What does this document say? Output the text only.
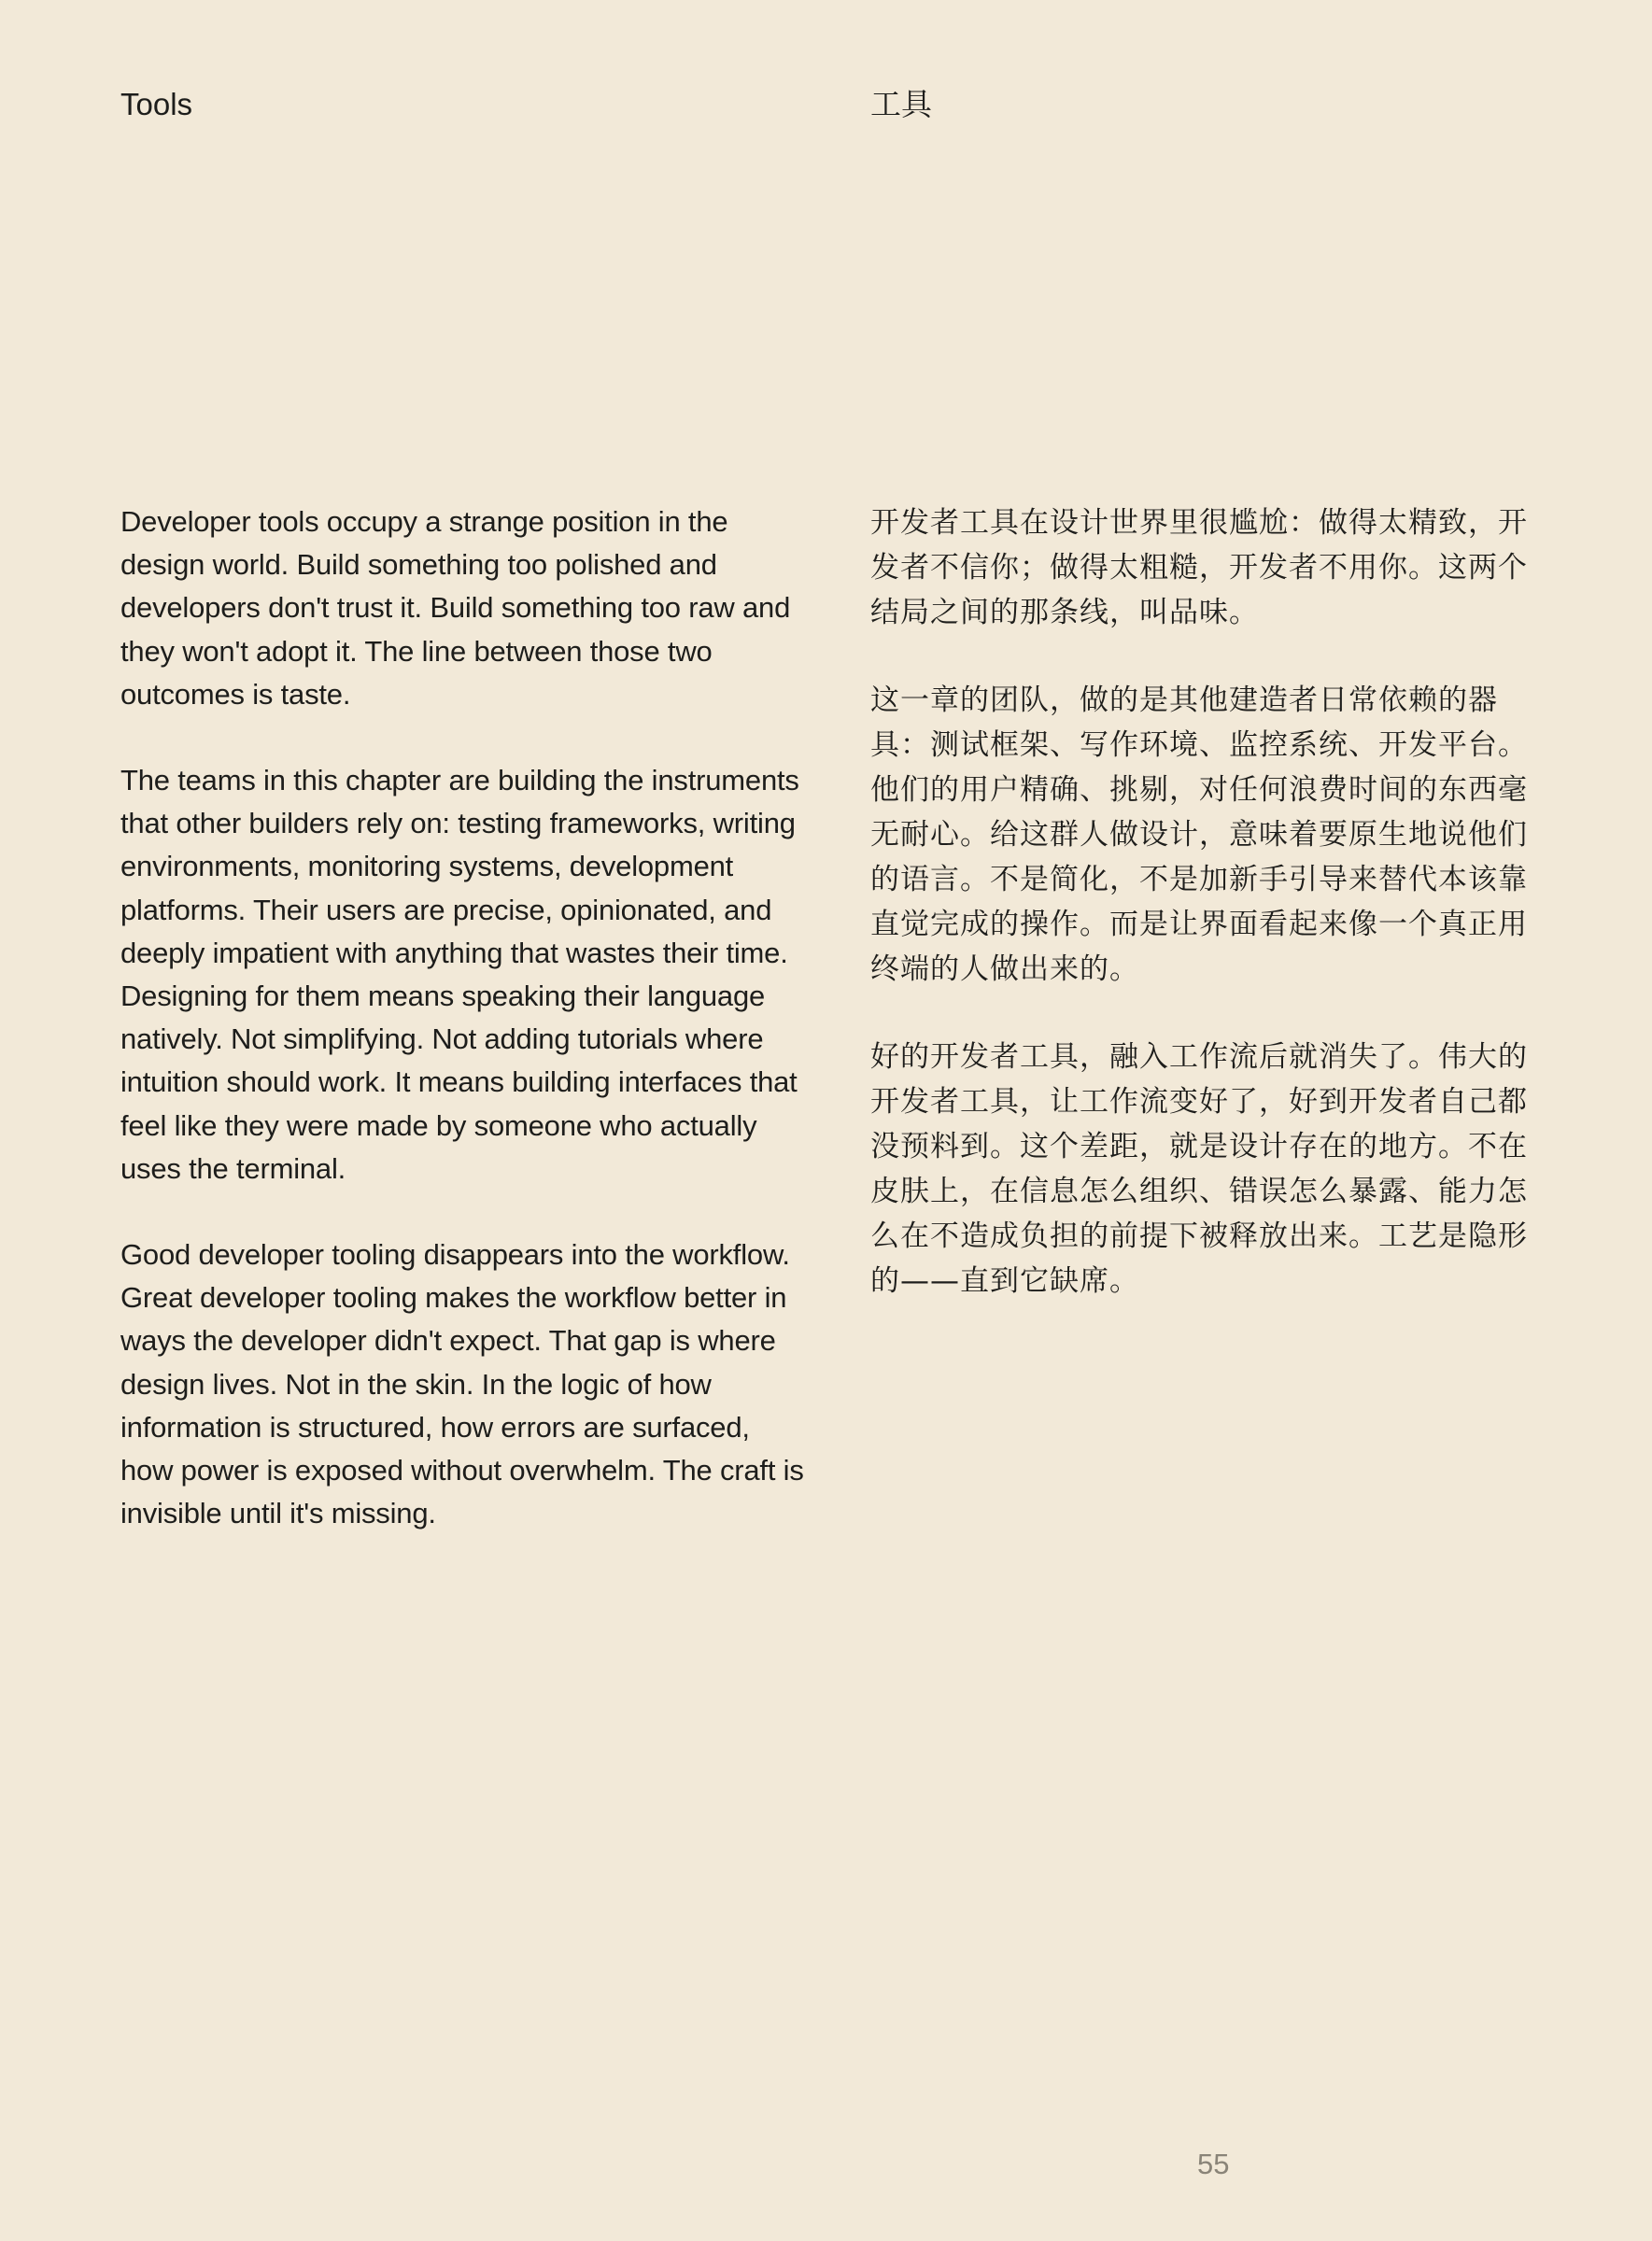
Tools	工具

Developer tools occupy a strange position in the design world. Build something too polished and developers don't trust it. Build something too raw and they won't adopt it. The line between those two outcomes is taste.

The teams in this chapter are building the instruments that other builders rely on: testing frameworks, writing environments, monitoring systems, development platforms. Their users are precise, opinionated, and deeply impatient with anything that wastes their time. Designing for them means speaking their language natively. Not simplifying. Not adding tutorials where intuition should work. It means building interfaces that feel like they were made by someone who actually uses the terminal.

Good developer tooling disappears into the workflow. Great developer tooling makes the workflow better in ways the developer didn't expect. That gap is where design lives. Not in the skin. In the logic of how information is structured, how errors are surfaced, how power is exposed without overwhelm. The craft is invisible until it's missing.

开发者工具在设计世界里很尴尬：做得太精致，开发者不信你；做得太粗糙，开发者不用你。这两个结局之间的那条线，叫品味。

这一章的团队，做的是其他建造者日常依赖的器具：测试框架、写作环境、监控系统、开发平台。他们的用户精确、挑剔，对任何浪费时间的东西毫无耐心。给这群人做设计，意味着要原生地说他们的语言。不是简化，不是加新手引导来替代本该靠直觉完成的操作。而是让界面看起来像一个真正用终端的人做出来的。

好的开发者工具，融入工作流后就消失了。伟大的开发者工具，让工作流变好了，好到开发者自己都没预料到。这个差距，就是设计存在的地方。不在皮肤上，在信息怎么组织、错误怎么暴露、能力怎么在不造成负担的前提下被释放出来。工艺是隐形的——直到它缺席。

55
